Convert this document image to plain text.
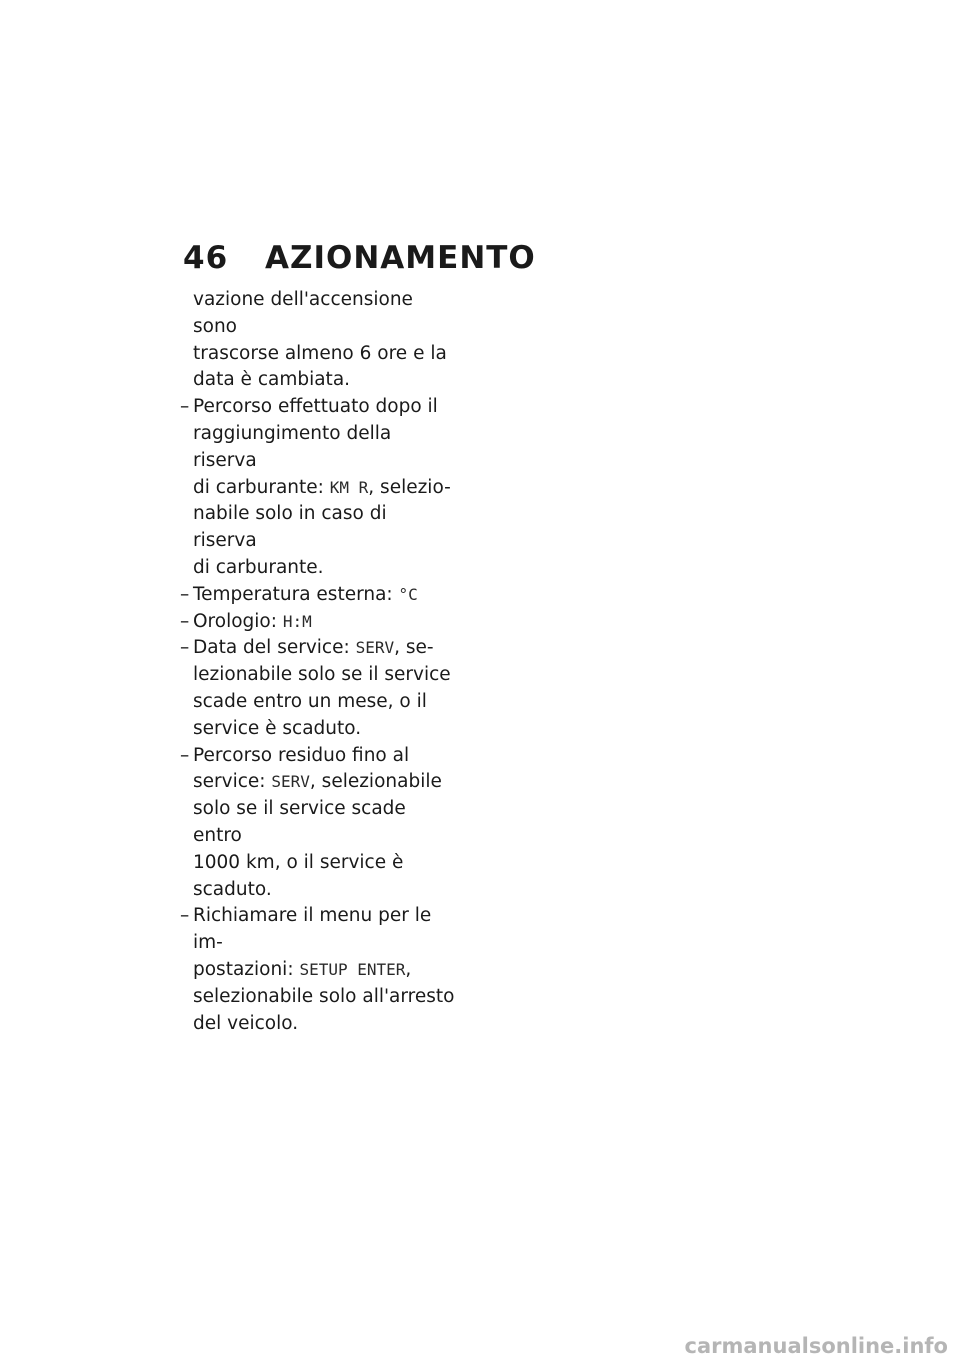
46 AZIONAMENTO
vazione dell'accensione sono
trascorse almeno 6 ore e la
data è cambiata.
– Percorso effettuato dopo il
raggiungimento della riserva
di carburante: KM R, selezio-
nabile solo in caso di riserva
di carburante.
– Temperatura esterna: °C
– Orologio: H:M
– Data del service: SERV, se-
lezionabile solo se il service
scade entro un mese, o il
service è scaduto.
– Percorso residuo fino al
service: SERV, selezionabile
solo se il service scade entro
1000 km, o il service è
scaduto.
– Richiamare il menu per le im-
postazioni: SETUP ENTER,
selezionabile solo all'arresto
del veicolo.
carmanualsonline.info
